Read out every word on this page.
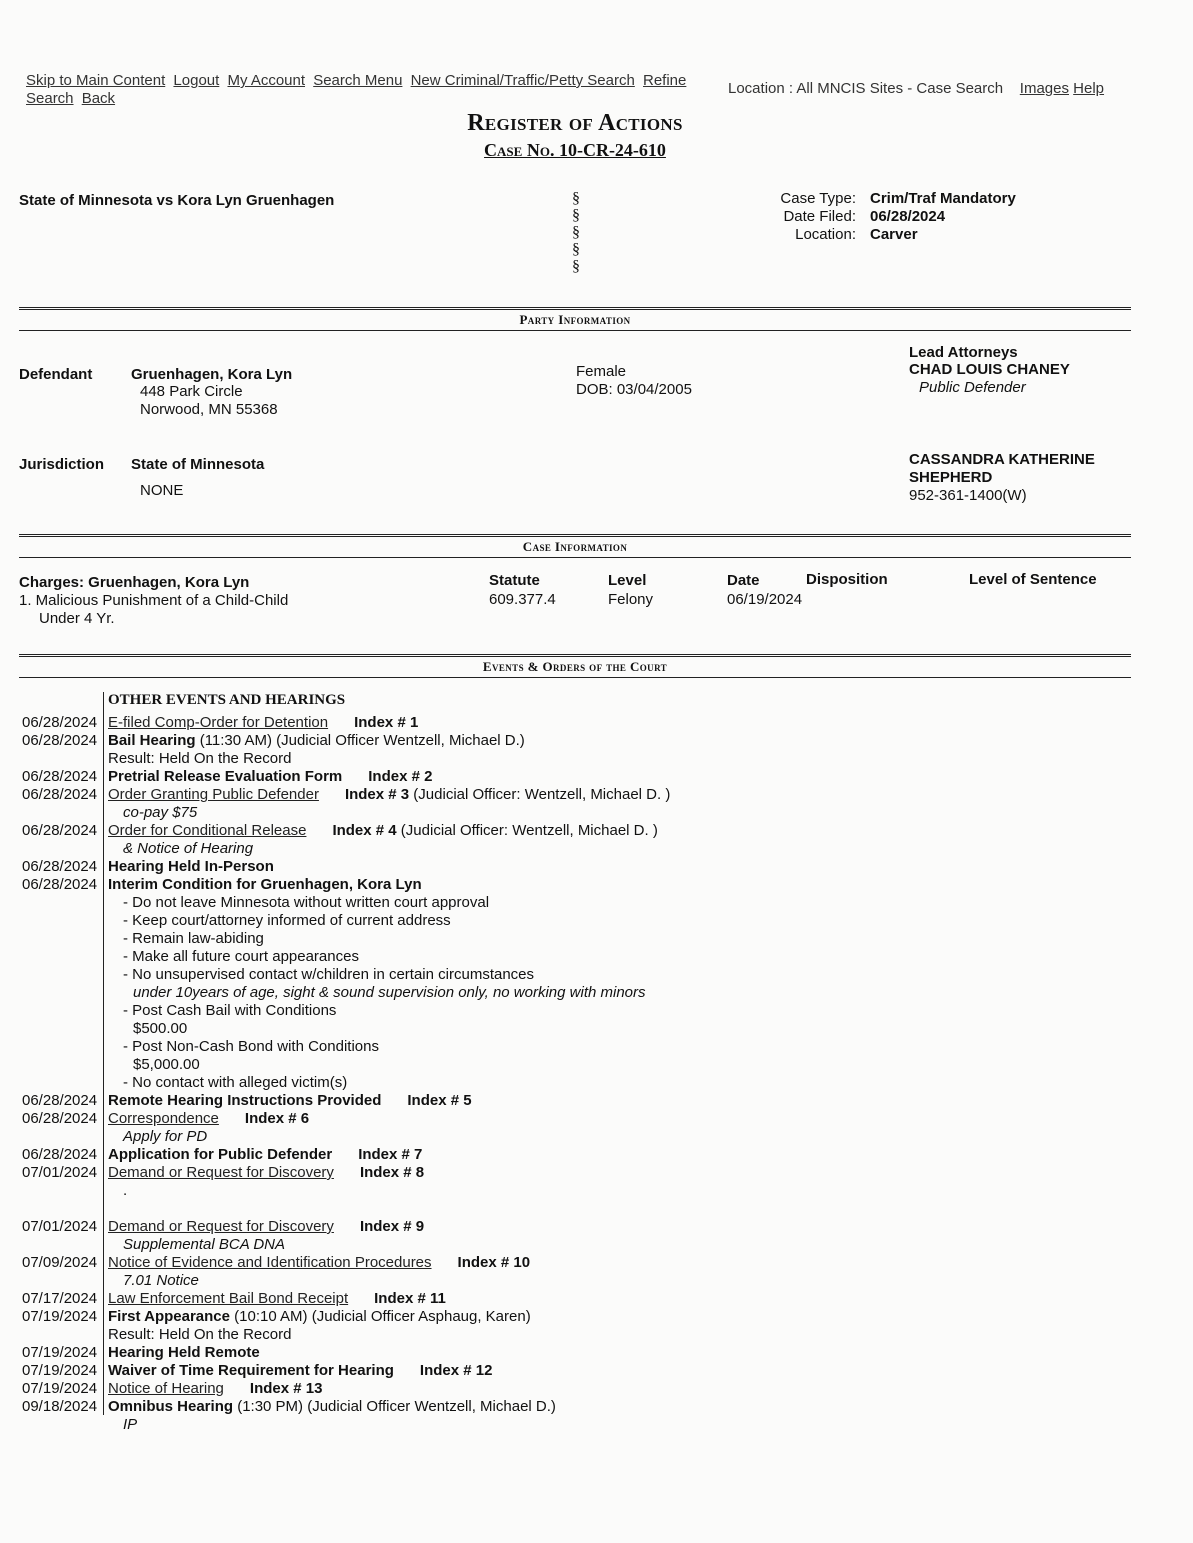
Skip to Main Content Logout My Account Search Menu New Criminal/Traffic/Petty Search Refine Search Back
Location : All MNCIS Sites - Case Search Images Help
Register of Actions
Case No. 10-CR-24-610
State of Minnesota vs Kora Lyn Gruenhagen	§
§
§
§
§
Case Type:	Crim/Traf Mandatory
Date Filed:	06/28/2024
Location:	Carver
Party Information
Lead Attorneys
Defendant	Gruenhagen, Kora Lyn
448 Park Circle
Norwood, MN 55368
Female
DOB: 03/04/2005
CHAD LOUIS CHANEY
Public Defender
Jurisdiction State of Minnesota
NONE
CASSANDRA KATHERINE
SHEPHERD
952-361-1400(W)
Case Information
Charges: Gruenhagen, Kora Lyn	Statute	Level	Date	Disposition	Level of Sentence
1. Malicious Punishment of a Child-Child
Under 4 Yr.
609.377.4	Felony	06/19/2024
Events & Orders of the Court
OTHER EVENTS AND HEARINGS
06/28/2024 E-filed Comp-Order for Detention Index # 1
06/28/2024 Bail Hearing (11:30 AM) (Judicial Officer Wentzell, Michael D.)
Result: Held On the Record
06/28/2024 Pretrial Release Evaluation Form Index # 2
06/28/2024 Order Granting Public Defender Index # 3 (Judicial Officer: Wentzell, Michael D. )
co-pay $75
06/28/2024 Order for Conditional Release Index # 4 (Judicial Officer: Wentzell, Michael D. )
& Notice of Hearing
06/28/2024 Hearing Held In-Person
06/28/2024 Interim Condition for Gruenhagen, Kora Lyn
- Do not leave Minnesota without written court approval
- Keep court/attorney informed of current address
- Remain law-abiding
- Make all future court appearances
- No unsupervised contact w/children in certain circumstances
under 10years of age, sight & sound supervision only, no working with minors
- Post Cash Bail with Conditions
$500.00
- Post Non-Cash Bond with Conditions
$5,000.00
- No contact with alleged victim(s)
06/28/2024 Remote Hearing Instructions Provided Index # 5
06/28/2024 Correspondence Index # 6
Apply for PD
06/28/2024 Application for Public Defender Index # 7
07/01/2024 Demand or Request for Discovery Index # 8
.
07/01/2024 Demand or Request for Discovery Index # 9
Supplemental BCA DNA
07/09/2024 Notice of Evidence and Identification Procedures Index # 10
7.01 Notice
07/17/2024 Law Enforcement Bail Bond Receipt Index # 11
07/19/2024 First Appearance (10:10 AM) (Judicial Officer Asphaug, Karen)
Result: Held On the Record
07/19/2024 Hearing Held Remote
07/19/2024 Waiver of Time Requirement for Hearing Index # 12
07/19/2024 Notice of Hearing Index # 13
09/18/2024 Omnibus Hearing (1:30 PM) (Judicial Officer Wentzell, Michael D.)
IP
